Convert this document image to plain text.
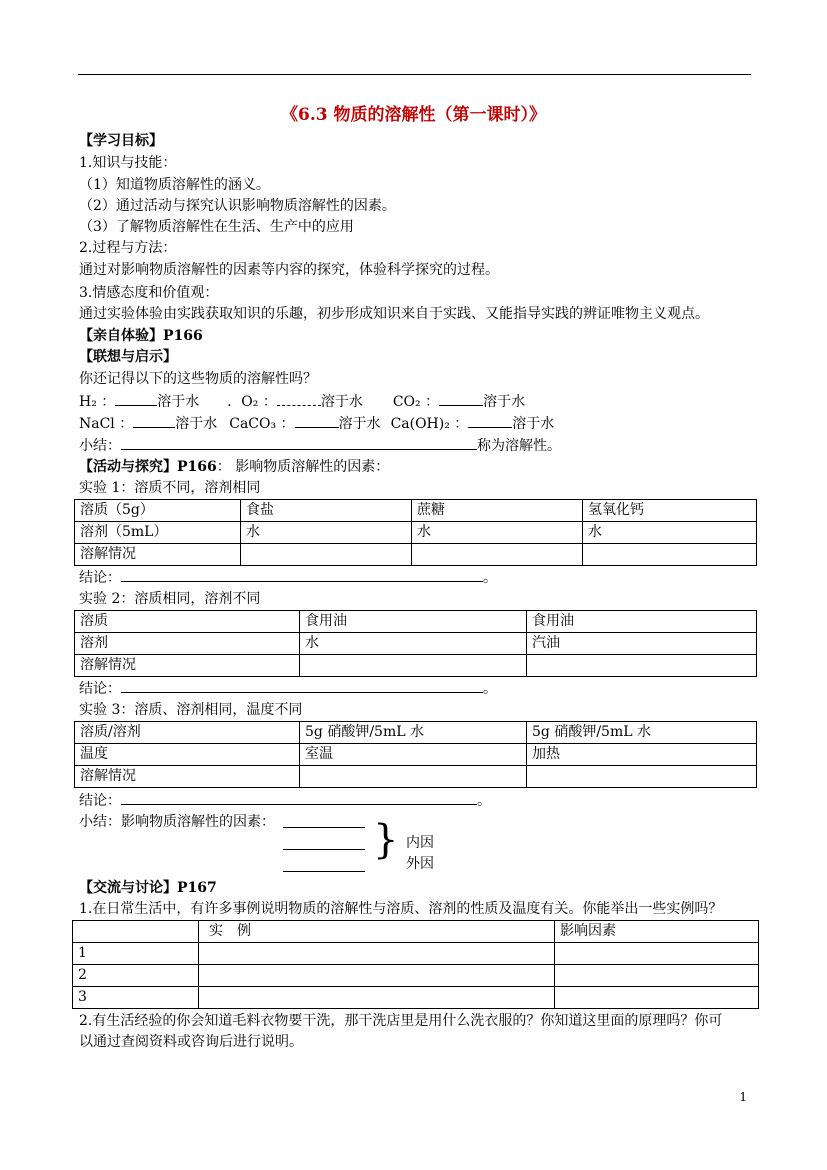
《6.3 物质的溶解性（第一课时）》
【学习目标】
1.知识与技能：
（1）知道物质溶解性的涵义。
（2）通过活动与探究认识影响物质溶解性的因素。
（3）了解物质溶解性在生活、生产中的应用
2.过程与方法：
通过对影响物质溶解性的因素等内容的探究，体验科学探究的过程。
3.情感态度和价值观：
通过实验体验由实践获取知识的乐趣，初步形成知识来自于实践、又能指导实践的辨证唯物主义观点。
【亲自体验】P166
【联想与启示】
你还记得以下的这些物质的溶解性吗？
H₂ ：	溶于水 ．O₂ ：	溶于水 CO₂ ：	溶于水
NaCl ：	溶于水 CaCO₃ ：	溶于水 Ca(OH)₂ ：	溶于水
小结：	称为溶解性。
【活动与探究】P166： 影响物质溶解性的因素：
实验 1：溶质不同，溶剂相同
溶质（5g）	食盐	蔗糖	氢氧化钙
溶剂（5mL）	水	水	水
溶解情况			
结论：	。
实验 2：溶质相同，溶剂不同
溶质	食用油	食用油
溶剂	水	汽油
溶解情况		
结论：	。
实验 3：溶质、溶剂相同，温度不同
溶质/溶剂	5g 硝酸钾/5mL 水	5g 硝酸钾/5mL 水
温度	室温	加热
溶解情况		
结论：	。
小结：影响物质溶解性的因素： } 内因
外因
【交流与讨论】P167
1.在日常生活中，有许多事例说明物质的溶解性与溶质、溶剂的性质及温度有关。你能举出一些实例吗？
	实　例	影响因素
1		
2		
3		
2.有生活经验的你会知道毛料衣物要干洗，那干洗店里是用什么洗衣服的？你知道这里面的原理吗？你可
以通过查阅资料或咨询后进行说明。
1
